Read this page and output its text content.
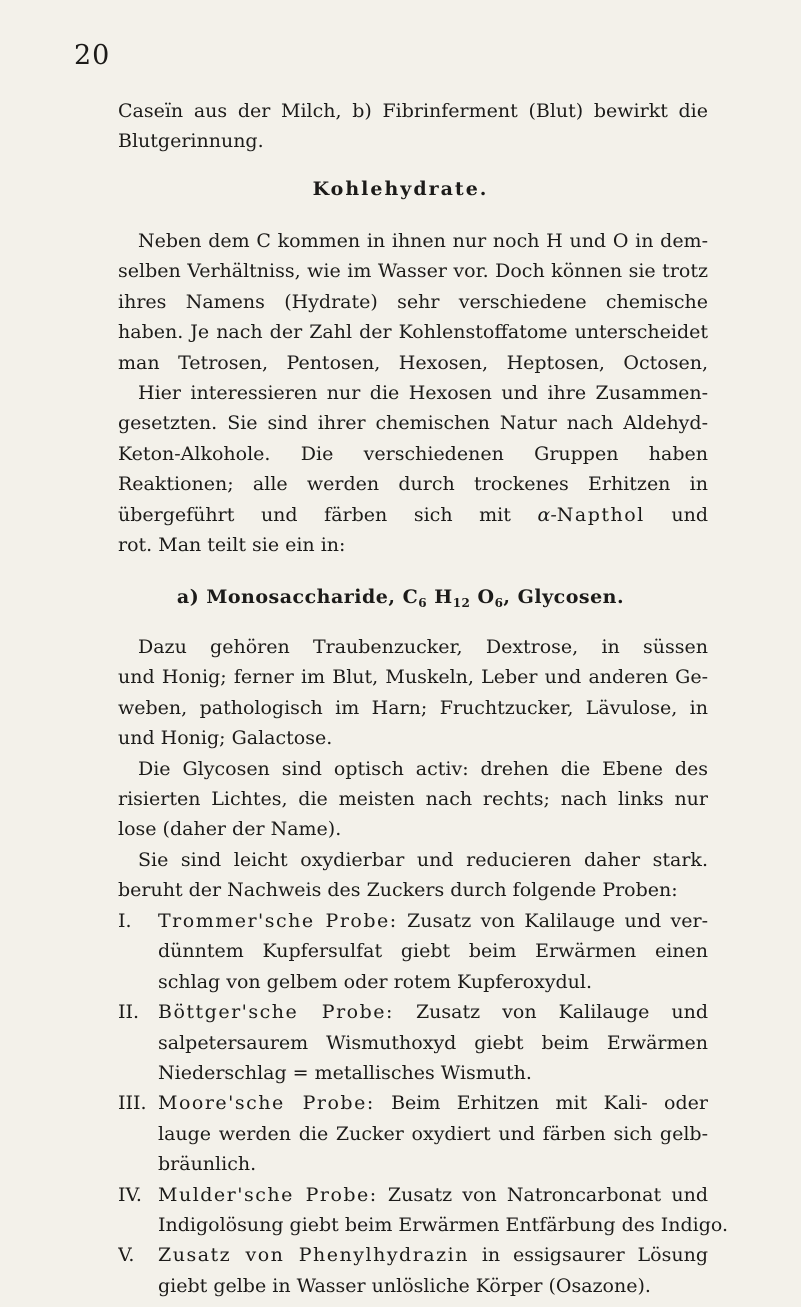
20
Caseïn aus der Milch, b) Fibrinferment (Blut) bewirkt die
Blutgerinnung.
Kohlehydrate.
Neben dem C kommen in ihnen nur noch H und O in dem-
selben Verhältniss, wie im Wasser vor. Doch können sie trotz
ihres Namens (Hydrate) sehr verschiedene chemische
haben. Je nach der Zahl der Kohlenstoffatome unterscheidet
man Tetrosen, Pentosen, Hexosen, Heptosen, Octosen,
Hier interessieren nur die Hexosen und ihre Zusammen-
gesetzten. Sie sind ihrer chemischen Natur nach Aldehyd-
Keton-Alkohole. Die verschiedenen Gruppen haben
Reaktionen; alle werden durch trockenes Erhitzen in
übergeführt und färben sich mit α-Napthol und
rot. Man teilt sie ein in:
a) Monosaccharide, $C_6$ $H_{12}$ $O_6$, Glycosen.
Dazu gehören Traubenzucker, Dextrose, in süssen
und Honig; ferner im Blut, Muskeln, Leber und anderen Ge-
weben, pathologisch im Harn; Fruchtzucker, Lävulose, in
und Honig; Galactose.
Die Glycosen sind optisch activ: drehen die Ebene des
risierten Lichtes, die meisten nach rechts; nach links nur
lose (daher der Name).
Sie sind leicht oxydierbar und reducieren daher stark.
beruht der Nachweis des Zuckers durch folgende Proben:
I. Trommer'sche Probe: Zusatz von Kalilauge und ver-
dünntem Kupfersulfat giebt beim Erwärmen einen
schlag von gelbem oder rotem Kupferoxydul.
II. Böttger'sche Probe: Zusatz von Kalilauge und
salpetersaurem Wismuthoxyd giebt beim Erwärmen
Niederschlag = metallisches Wismuth.
III. Moore'sche Probe: Beim Erhitzen mit Kali- oder
lauge werden die Zucker oxydiert und färben sich gelb-
bräunlich.
IV. Mulder'sche Probe: Zusatz von Natroncarbonat und
Indigolösung giebt beim Erwärmen Entfärbung des Indigo.
V. Zusatz von Phenylhydrazin in essigsaurer Lösung
giebt gelbe in Wasser unlösliche Körper (Osazone).
